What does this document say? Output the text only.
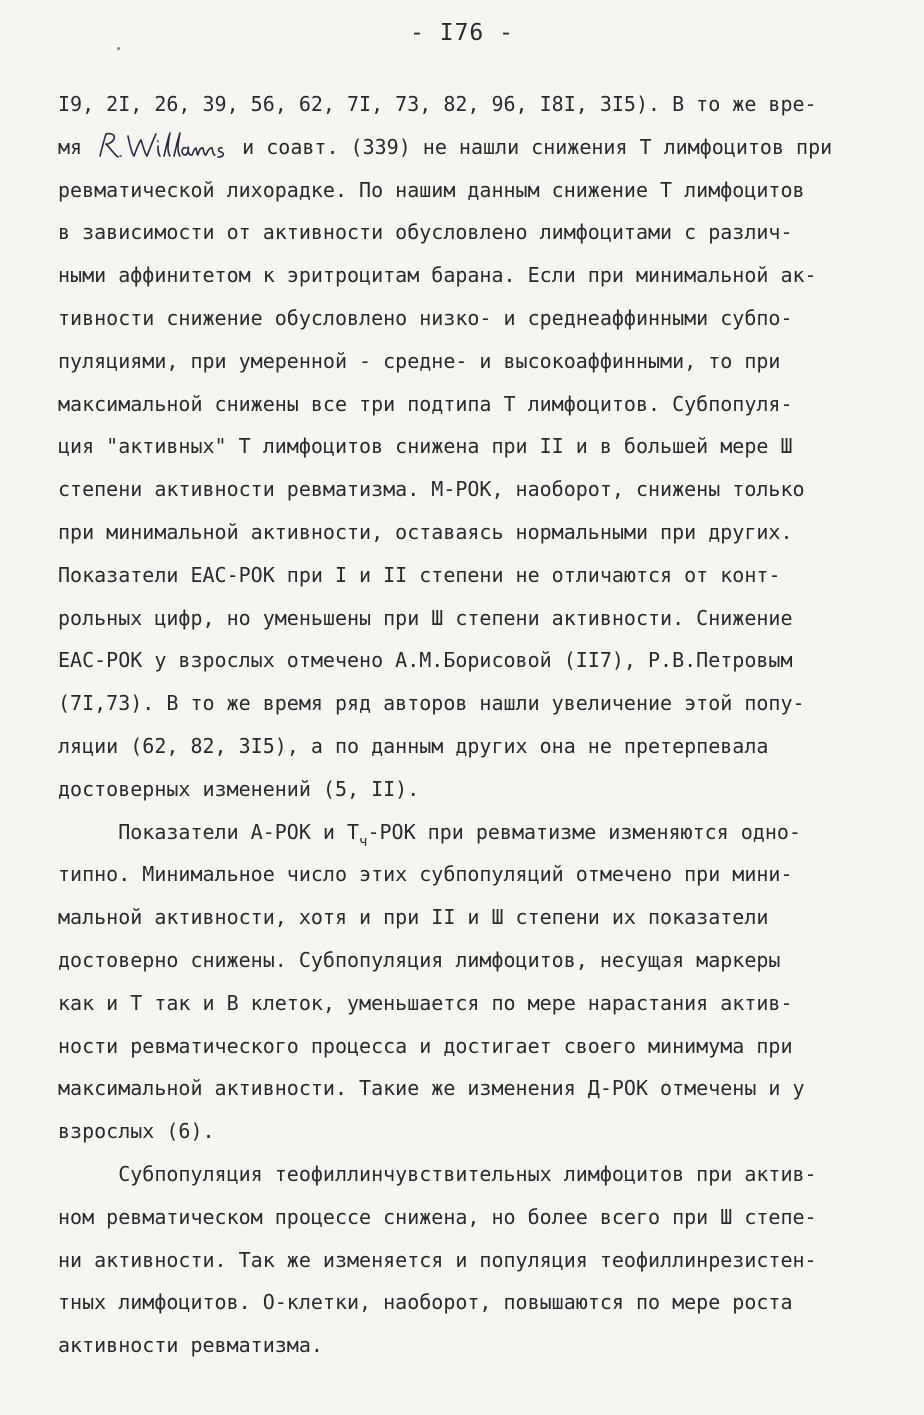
- I76 -
I9, 2I, 26, 39, 56, 62, 7I, 73, 82, 96, I8I, 3I5). В то же вре-
мя	и соавт. (339) не нашли снижения Т лимфоцитов при
ревматической лихорадке. По нашим данным снижение Т лимфоцитов
в зависимости от активности обусловлено лимфоцитами с различ-
ными аффинитетом к эритроцитам барана. Если при минимальной ак-
тивности снижение обусловлено низко- и среднеаффинными субпо-
пуляциями, при умеренной - средне- и высокоаффинными, то при
максимальной снижены все три подтипа Т лимфоцитов. Субпопуля-
ция "активных" Т лимфоцитов снижена при II и в большей мере Ш
степени активности ревматизма. М-РОК, наоборот, снижены только
при минимальной активности, оставаясь нормальными при других.
Показатели ЕАС-РОК при I и II степени не отличаются от конт-
рольных цифр, но уменьшены при Ш степени активности. Снижение
ЕАС-РОК у взрослых отмечено А.М.Борисовой (II7), Р.В.Петровым
(7I,73). В то же время ряд авторов нашли увеличение этой попу-
ляции (62, 82, 3I5), а по данным других она не претерпевала
достоверных изменений (5, II).
Показатели А-РОК и $Т_ч$-РОК при ревматизме изменяются одно-
типно. Минимальное число этих субпопуляций отмечено при мини-
мальной активности, хотя и при II и Ш степени их показатели
достоверно снижены. Субпопуляция лимфоцитов, несущая маркеры
как и Т так и В клеток, уменьшается по мере нарастания актив-
ности ревматического процесса и достигает своего минимума при
максимальной активности. Такие же изменения Д-РОК отмечены и у
взрослых (6).
Субпопуляция теофиллинчувствительных лимфоцитов при актив-
ном ревматическом процессе снижена, но более всего при Ш степе-
ни активности. Так же изменяется и популяция теофиллинрезистен-
тных лимфоцитов. О-клетки, наоборот, повышаются по мере роста
активности ревматизма.
